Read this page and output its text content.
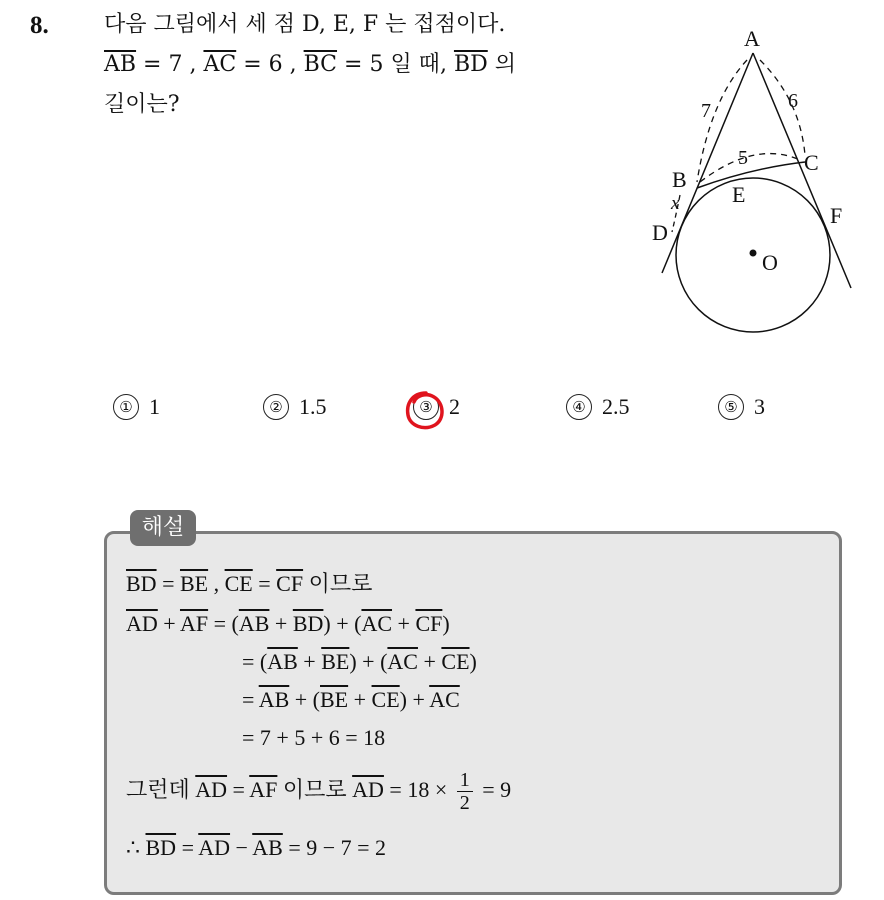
8.	다음 그림에서 세 점 D, E, F 는 접점이다.
$\overline{AB} = 7$ , $\overline{AC} = 6$ , $\overline{BC} = 5$ 일 때, $\overline{BD}$ 의
길이는?
A
B
C
D
E
F
O
x
7	6
5
① 1	② 1.5	③ 2	④ 2.5	⑤ 3
해설
$\overline{BD} = \overline{BE}$ , $\overline{CE} = \overline{CF}$ 이므로
$\overline{AD} + \overline{AF} = (\overline{AB} + \overline{BD}) + (\overline{AC} + \overline{CF})$
= $(\overline{AB} + \overline{BE}) + (\overline{AC} + \overline{CE})$
= $\overline{AB} + (\overline{BE} + \overline{CE}) + \overline{AC}$
= 7 + 5 + 6 = 18
그런데 $\overline{AD} = \overline{AF}$ 이므로 $\overline{AD} = 18 \times \frac{1}{2} = 9$
∴ $\overline{BD} = \overline{AD} - \overline{AB} = 9 - 7 = 2$
